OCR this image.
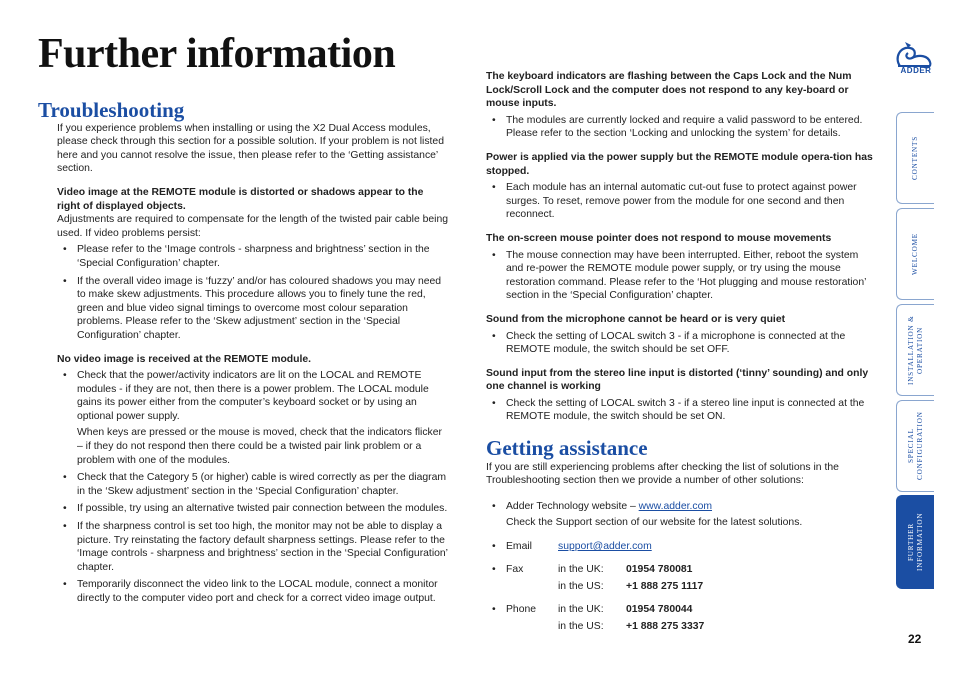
Further information	ADDER
CONTENTS
WELCOME
INSTALLATION & OPERATION
SPECIAL CONFIGURATION
FURTHER INFORMATION
22
Troubleshooting

If you experience problems when installing or using the X2 Dual Access modules, please check through this section for a possible solution. If your problem is not listed here and you cannot resolve the issue, then please refer to the ‘Getting assistance’ section.

Video image at the REMOTE module is distorted or shadows appear to the right of displayed objects.

Adjustments are required to compensate for the length of the twisted pair cable being used. If video problems persist:

• Please refer to the ‘Image controls - sharpness and brightness’ section in the ‘Special Configuration’ chapter.
• If the overall video image is ‘fuzzy’ and/or has coloured shadows you may need to make skew adjustments. This procedure allows you to finely tune the red, green and blue video signal timings to overcome most colour separation problems. Please refer to the ‘Skew adjustment’ section in the ‘Special Configuration’ chapter.

No video image is received at the REMOTE module.

• Check that the power/activity indicators are lit on the LOCAL and REMOTE modules - if they are not, then there is a power problem. The LOCAL module gains its power either from the computer’s keyboard socket or by using an optional power supply.

When keys are pressed or the mouse is moved, check that the indicators flicker – if they do not respond then there could be a twisted pair link problem or a problem with one of the modules.

• Check that the Category 5 (or higher) cable is wired correctly as per the diagram in the ‘Skew adjustment’ section in the ‘Special Configuration’ chapter.
• If possible, try using an alternative twisted pair connection between the modules.
• If the sharpness control is set too high, the monitor may not be able to display a picture. Try reinstating the factory default sharpness settings. Please refer to the ‘Image controls - sharpness and brightness’ section in the ‘Special Configuration’ chapter.
• Temporarily disconnect the video link to the LOCAL module, connect a monitor directly to the computer video port and check for a correct video image output.

The keyboard indicators are flashing between the Caps Lock and the Num Lock/Scroll Lock and the computer does not respond to any key-board or mouse inputs.

• The modules are currently locked and require a valid password to be entered. Please refer to the section ‘Locking and unlocking the system’ for details.

Power is applied via the power supply but the REMOTE module opera-tion has stopped.

• Each module has an internal automatic cut-out fuse to protect against power surges. To reset, remove power from the module for one second and then reconnect.

The on-screen mouse pointer does not respond to mouse movements

• The mouse connection may have been interrupted. Either, reboot the system and re-power the REMOTE module power supply, or try using the mouse restoration command. Please refer to the ‘Hot plugging and mouse restoration’ section in the ‘Special Configuration’ chapter.

Sound from the microphone cannot be heard or is very quiet

• Check the setting of LOCAL switch 3 - if a microphone is connected at the REMOTE module, the switch should be set OFF.

Sound input from the stereo line input is distorted (‘tinny’ sounding) and only one channel is working

• Check the setting of LOCAL switch 3 - if a stereo line input is connected at the REMOTE module, the switch should be set ON.
Getting assistance

If you are still experiencing problems after checking the list of solutions in the Troubleshooting section then we provide a number of other solutions:

• Adder Technology website – www.adder.com

Check the Support section of our website for the latest solutions.

• Email	support@adder.com
• Fax	in the UK:	01954 780081
in the US:	+1 888 275 1117
• Phone	in the UK:	01954 780044
in the US:	+1 888 275 3337
